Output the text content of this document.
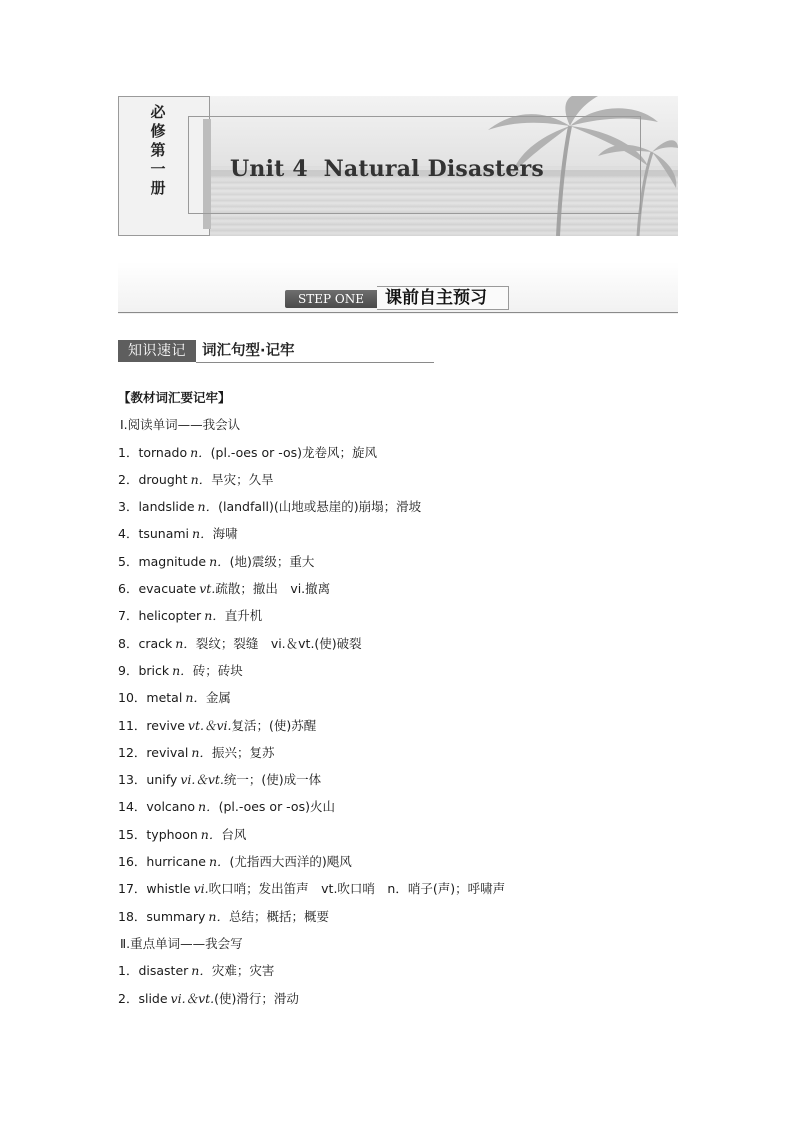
必修第一册
Unit 4  Natural Disasters
STEP ONE	课前自主预习
知识速记	词汇句型·记牢
【教材词汇要记牢】
Ⅰ.阅读单词——我会认
1．tornado n．(pl.-oes or -os)龙卷风；旋风
2．drought n．旱灾；久旱
3．landslide n．(landfall)(山地或悬崖的)崩塌；滑坡
4．tsunami n．海啸
5．magnitude n．(地)震级；重大
6．evacuate vt.疏散；撤出　vi.撤离
7．helicopter n．直升机
8．crack n．裂纹；裂缝　vi.＆vt.(使)破裂
9．brick n．砖；砖块
10．metal n．金属
11．revive vt.＆vi.复活；(使)苏醒
12．revival n．振兴；复苏
13．unify vi.＆vt.统一；(使)成一体
14．volcano n．(pl.-oes or -os)火山
15．typhoon n．台风
16．hurricane n．(尤指西大西洋的)飓风
17．whistle vi.吹口哨；发出笛声　vt.吹口哨　n．哨子(声)；呼啸声
18．summary n．总结；概括；概要
Ⅱ.重点单词——我会写
1．disaster n．灾难；灾害
2．slide vi.＆vt.(使)滑行；滑动
